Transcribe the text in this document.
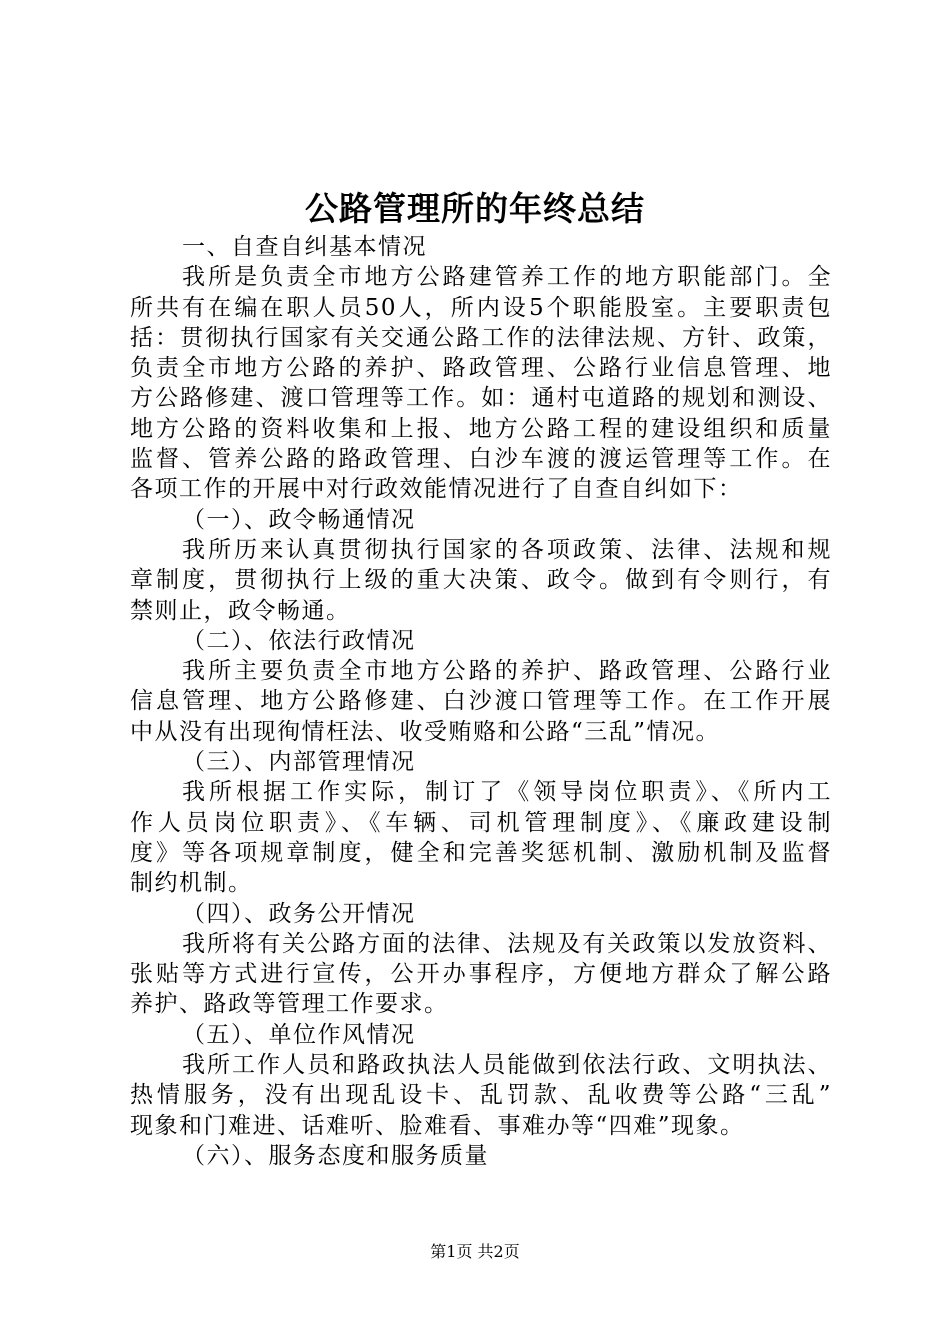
公路管理所的年终总结
一、自查自纠基本情况
我所是负责全市地方公路建管养工作的地方职能部门。全
所共有在编在职人员50人，所内设5个职能股室。主要职责包
括：贯彻执行国家有关交通公路工作的法律法规、方针、政策，
负责全市地方公路的养护、路政管理、公路行业信息管理、地
方公路修建、渡口管理等工作。如：通村屯道路的规划和测设、
地方公路的资料收集和上报、地方公路工程的建设组织和质量
监督、管养公路的路政管理、白沙车渡的渡运管理等工作。在
各项工作的开展中对行政效能情况进行了自查自纠如下：
（一）、政令畅通情况
我所历来认真贯彻执行国家的各项政策、法律、法规和规
章制度，贯彻执行上级的重大决策、政令。做到有令则行，有
禁则止，政令畅通。
（二）、依法行政情况
我所主要负责全市地方公路的养护、路政管理、公路行业
信息管理、地方公路修建、白沙渡口管理等工作。在工作开展
中从没有出现徇情枉法、收受贿赂和公路“三乱”情况。
（三）、内部管理情况
我所根据工作实际，制订了《领导岗位职责》、《所内工
作人员岗位职责》、《车辆、司机管理制度》、《廉政建设制
度》等各项规章制度，健全和完善奖惩机制、激励机制及监督
制约机制。
（四）、政务公开情况
我所将有关公路方面的法律、法规及有关政策以发放资料、
张贴等方式进行宣传，公开办事程序，方便地方群众了解公路
养护、路政等管理工作要求。
（五）、单位作风情况
我所工作人员和路政执法人员能做到依法行政、文明执法、
热情服务，没有出现乱设卡、乱罚款、乱收费等公路“三乱”
现象和门难进、话难听、脸难看、事难办等“四难”现象。
（六）、服务态度和服务质量
第1页 共2页
